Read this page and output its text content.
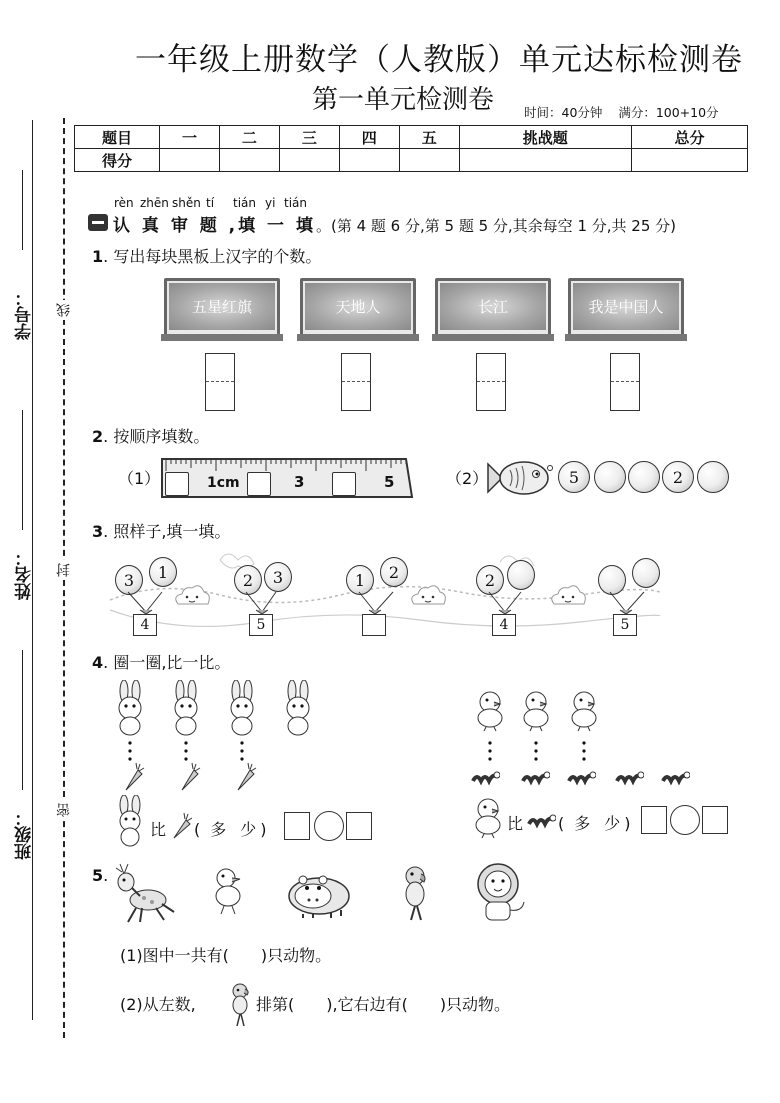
学号：
姓名：
班级：
线
封
密
一年级上册数学（人教版）单元达标检测卷
第一单元检测卷 时间：40分钟 满分：100+10分
题目	一	二	三	四	五	挑战题	总分
得分							
rèn zhēn shěn tí tián yi tián
认 真 审 题 ,填 一 填。(第 4 题 6 分,第 5 题 5 分,其余每空 1 分,共 25 分)
1. 写出每块黑板上汉字的个数。
五星红旗	天地人	长江	我是中国人
2. 按顺序填数。
（1）	1cm	3	5	（2）	5	2
3. 照样子,填一填。
3	1
4
2	3
5
1	2	2
4	5
4. 圈一圈,比一比。
比 ( 多 少 )	比 ( 多 少 )
5.
(1)图中一共有(　　)只动物。
(2)从左数,	排第(　　),它右边有(　　)只动物。
